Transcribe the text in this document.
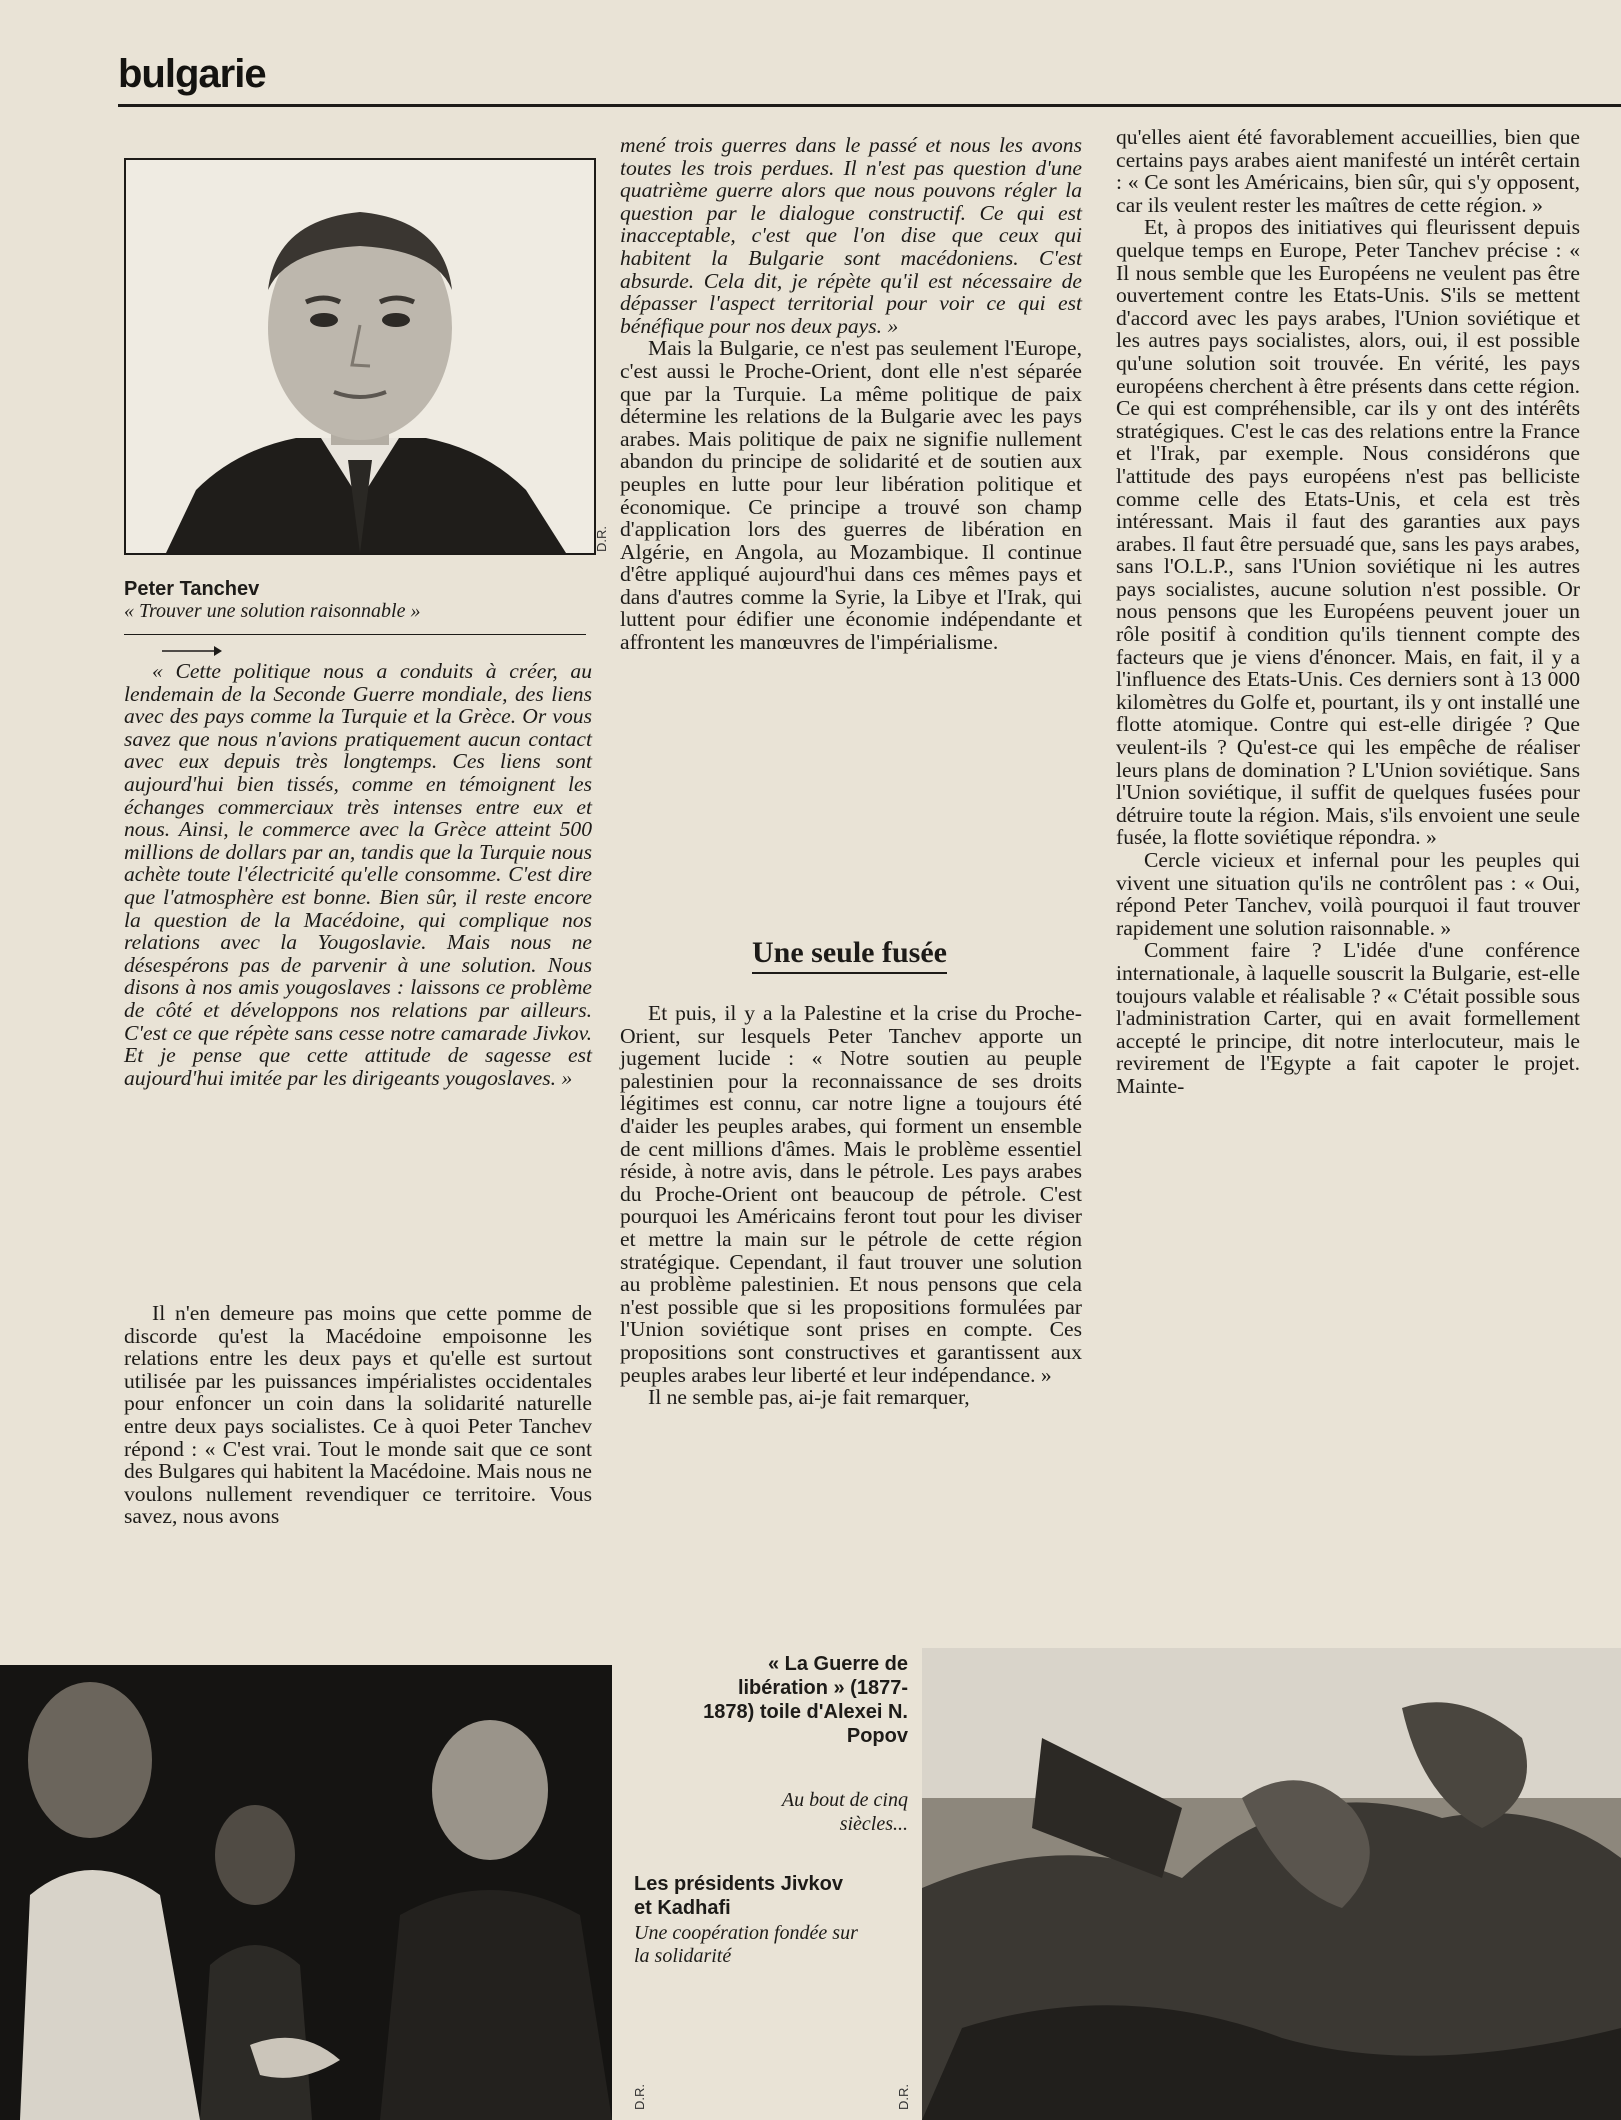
bulgarie
D.R.
Peter Tanchev
« Trouver une solution raisonnable »

« Cette politique nous a conduits à créer, au lendemain de la Seconde Guerre mondiale, des liens avec des pays comme la Turquie et la Grèce. Or vous savez que nous n'avions pratiquement aucun contact avec eux depuis très longtemps. Ces liens sont aujourd'hui bien tissés, comme en témoignent les échanges commerciaux très intenses entre eux et nous. Ainsi, le commerce avec la Grèce atteint 500 millions de dollars par an, tandis que la Turquie nous achète toute l'électricité qu'elle consomme. C'est dire que l'atmosphère est bonne. Bien sûr, il reste encore la question de la Macédoine, qui complique nos relations avec la Yougoslavie. Mais nous ne désespérons pas de parvenir à une solution. Nous disons à nos amis yougoslaves : laissons ce problème de côté et développons nos relations par ailleurs. C'est ce que répète sans cesse notre camarade Jivkov. Et je pense que cette attitude de sagesse est aujourd'hui imitée par les dirigeants yougoslaves. »

Il n'en demeure pas moins que cette pomme de discorde qu'est la Macédoine empoisonne les relations entre les deux pays et qu'elle est surtout utilisée par les puissances impérialistes occidentales pour enfoncer un coin dans la solidarité naturelle entre deux pays socialistes. Ce à quoi Peter Tanchev répond : « C'est vrai. Tout le monde sait que ce sont des Bulgares qui habitent la Macédoine. Mais nous ne voulons nullement revendiquer ce territoire. Vous savez, nous avons

mené trois guerres dans le passé et nous les avons toutes les trois perdues. Il n'est pas question d'une quatrième guerre alors que nous pouvons régler la question par le dialogue constructif. Ce qui est inacceptable, c'est que l'on dise que ceux qui habitent la Bulgarie sont macédoniens. C'est absurde. Cela dit, je répète qu'il est nécessaire de dépasser l'aspect territorial pour voir ce qui est bénéfique pour nos deux pays. »

Mais la Bulgarie, ce n'est pas seulement l'Europe, c'est aussi le Proche-Orient, dont elle n'est séparée que par la Turquie. La même politique de paix détermine les relations de la Bulgarie avec les pays arabes. Mais politique de paix ne signifie nullement abandon du principe de solidarité et de soutien aux peuples en lutte pour leur libération politique et économique. Ce principe a trouvé son champ d'application lors des guerres de libération en Algérie, en Angola, au Mozambique. Il continue d'être appliqué aujourd'hui dans ces mêmes pays et dans d'autres comme la Syrie, la Libye et l'Irak, qui luttent pour édifier une économie indépendante et affrontent les manœuvres de l'impérialisme.

Une seule fusée

Et puis, il y a la Palestine et la crise du Proche-Orient, sur lesquels Peter Tanchev apporte un jugement lucide : « Notre soutien au peuple palestinien pour la reconnaissance de ses droits légitimes est connu, car notre ligne a toujours été d'aider les peuples arabes, qui forment un ensemble de cent millions d'âmes. Mais le problème essentiel réside, à notre avis, dans le pétrole. Les pays arabes du Proche-Orient ont beaucoup de pétrole. C'est pourquoi les Américains feront tout pour les diviser et mettre la main sur le pétrole de cette région stratégique. Cependant, il faut trouver une solution au problème palestinien. Et nous pensons que cela n'est possible que si les propositions formulées par l'Union soviétique sont prises en compte. Ces propositions sont constructives et garantissent aux peuples arabes leur liberté et leur indépendance. »

Il ne semble pas, ai-je fait remarquer,

qu'elles aient été favorablement accueillies, bien que certains pays arabes aient manifesté un intérêt certain : « Ce sont les Américains, bien sûr, qui s'y opposent, car ils veulent rester les maîtres de cette région. »

Et, à propos des initiatives qui fleurissent depuis quelque temps en Europe, Peter Tanchev précise : « Il nous semble que les Européens ne veulent pas être ouvertement contre les Etats-Unis. S'ils se mettent d'accord avec les pays arabes, l'Union soviétique et les autres pays socialistes, alors, oui, il est possible qu'une solution soit trouvée. En vérité, les pays européens cherchent à être présents dans cette région. Ce qui est compréhensible, car ils y ont des intérêts stratégiques. C'est le cas des relations entre la France et l'Irak, par exemple. Nous considérons que l'attitude des pays européens n'est pas belliciste comme celle des Etats-Unis, et cela est très intéressant. Mais il faut des garanties aux pays arabes. Il faut être persuadé que, sans les pays arabes, sans l'O.L.P., sans l'Union soviétique ni les autres pays socialistes, aucune solution n'est possible. Or nous pensons que les Européens peuvent jouer un rôle positif à condition qu'ils tiennent compte des facteurs que je viens d'énoncer. Mais, en fait, il y a l'influence des Etats-Unis. Ces derniers sont à 13 000 kilomètres du Golfe et, pourtant, ils y ont installé une flotte atomique. Contre qui est-elle dirigée ? Que veulent-ils ? Qu'est-ce qui les empêche de réaliser leurs plans de domination ? L'Union soviétique. Sans l'Union soviétique, il suffit de quelques fusées pour détruire toute la région. Mais, s'ils envoient une seule fusée, la flotte soviétique répondra. »

Cercle vicieux et infernal pour les peuples qui vivent une situation qu'ils ne contrôlent pas : « Oui, répond Peter Tanchev, voilà pourquoi il faut trouver rapidement une solution raisonnable. »

Comment faire ? L'idée d'une conférence internationale, à laquelle souscrit la Bulgarie, est-elle toujours valable et réalisable ? « C'était possible sous l'administration Carter, qui en avait formellement accepté le principe, dit notre interlocuteur, mais le revirement de l'Egypte a fait capoter le projet. Mainte-

D.R.	D.R.
« La Guerre de libération » (1877-1878) toile d'Alexei N. Popov
Au bout de cinq siècles...
Les présidents Jivkov et Kadhafi
Une coopération fondée sur la solidarité
